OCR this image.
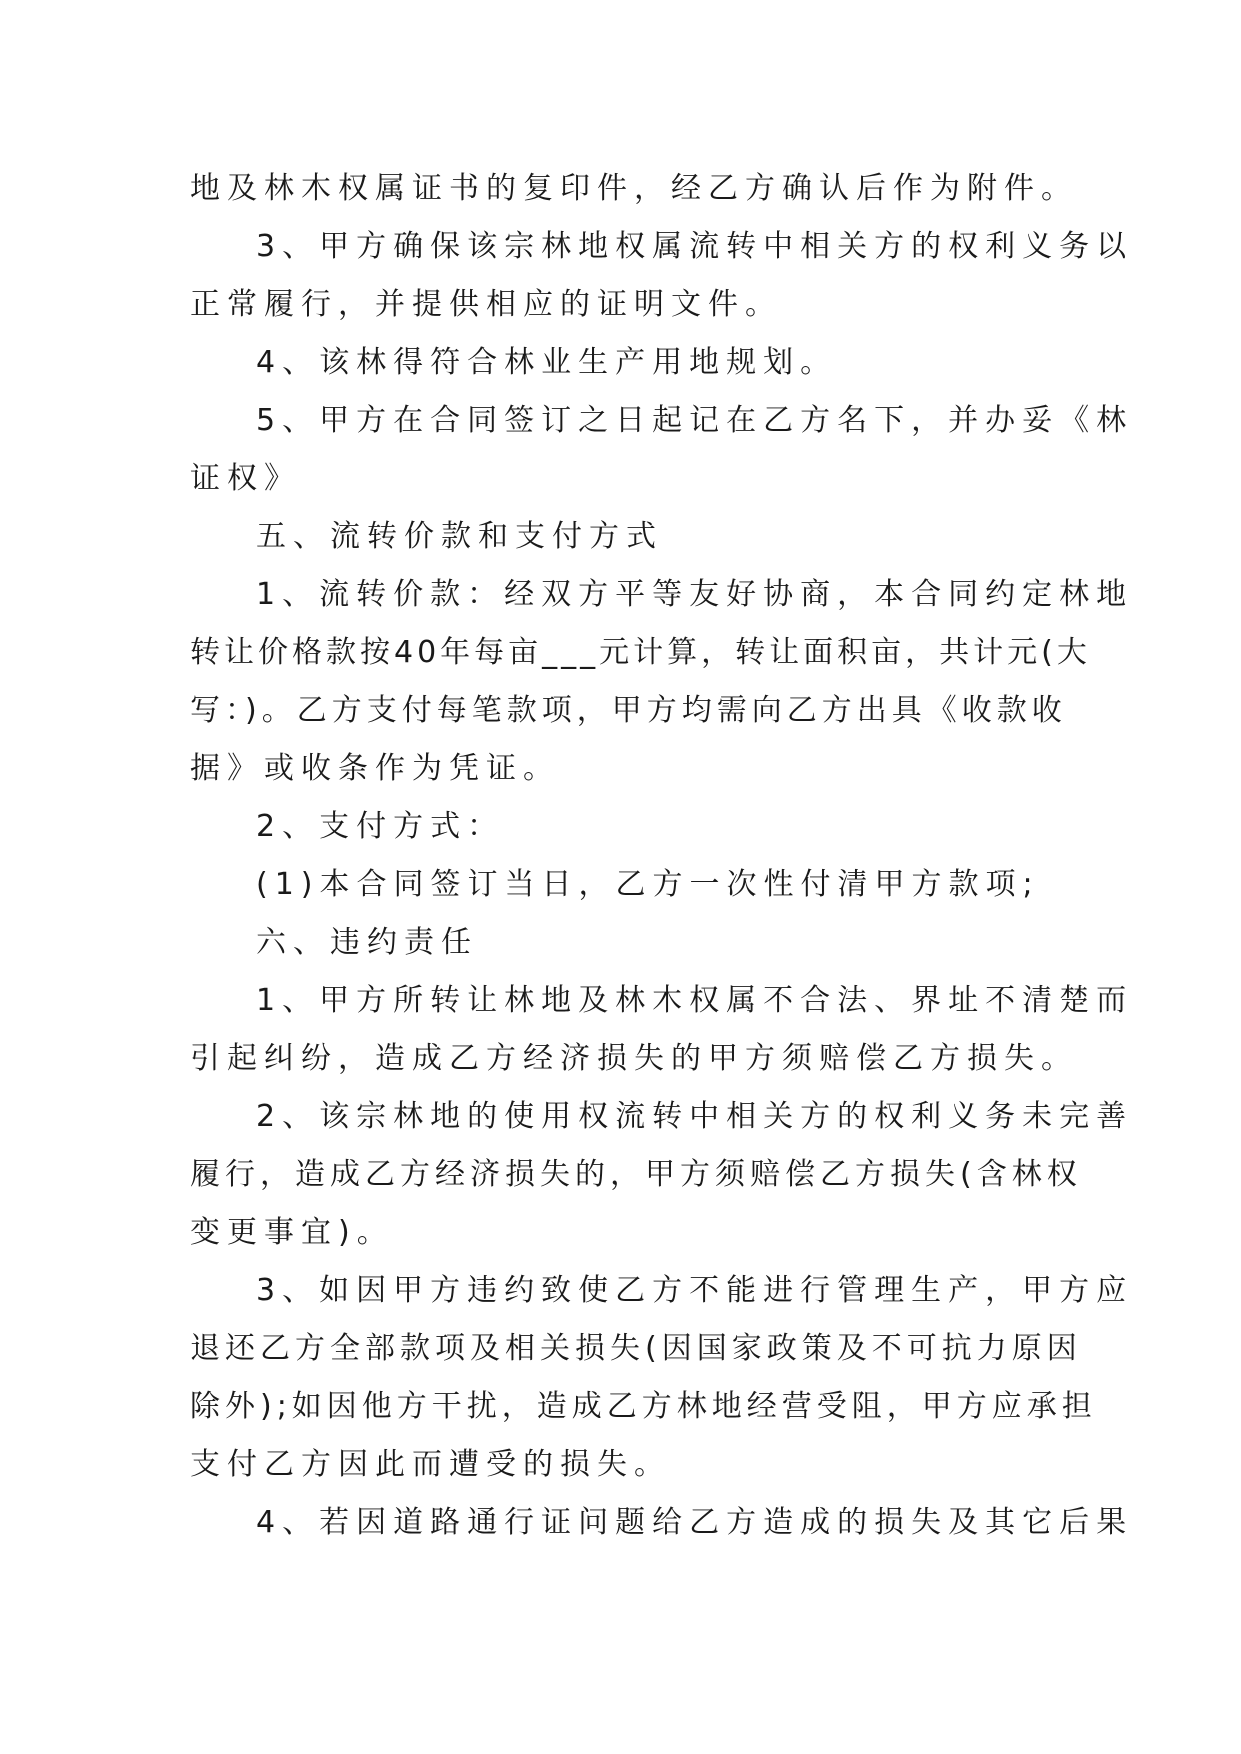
地及林木权属证书的复印件，经乙方确认后作为附件。
3、甲方确保该宗林地权属流转中相关方的权利义务以
正常履行，并提供相应的证明文件。
4、该林得符合林业生产用地规划。
5、甲方在合同签订之日起记在乙方名下，并办妥《林
证权》
五、流转价款和支付方式
1、流转价款：经双方平等友好协商，本合同约定林地
转让价格款按40年每亩___元计算，转让面积亩，共计元(大
写：)。乙方支付每笔款项，甲方均需向乙方出具《收款收
据》或收条作为凭证。
2、支付方式：
(1)本合同签订当日，乙方一次性付清甲方款项;
六、违约责任
1、甲方所转让林地及林木权属不合法、界址不清楚而
引起纠纷，造成乙方经济损失的甲方须赔偿乙方损失。
2、该宗林地的使用权流转中相关方的权利义务未完善
履行，造成乙方经济损失的，甲方须赔偿乙方损失(含林权
变更事宜)。
3、如因甲方违约致使乙方不能进行管理生产，甲方应
退还乙方全部款项及相关损失(因国家政策及不可抗力原因
除外);如因他方干扰，造成乙方林地经营受阻，甲方应承担
支付乙方因此而遭受的损失。
4、若因道路通行证问题给乙方造成的损失及其它后果
